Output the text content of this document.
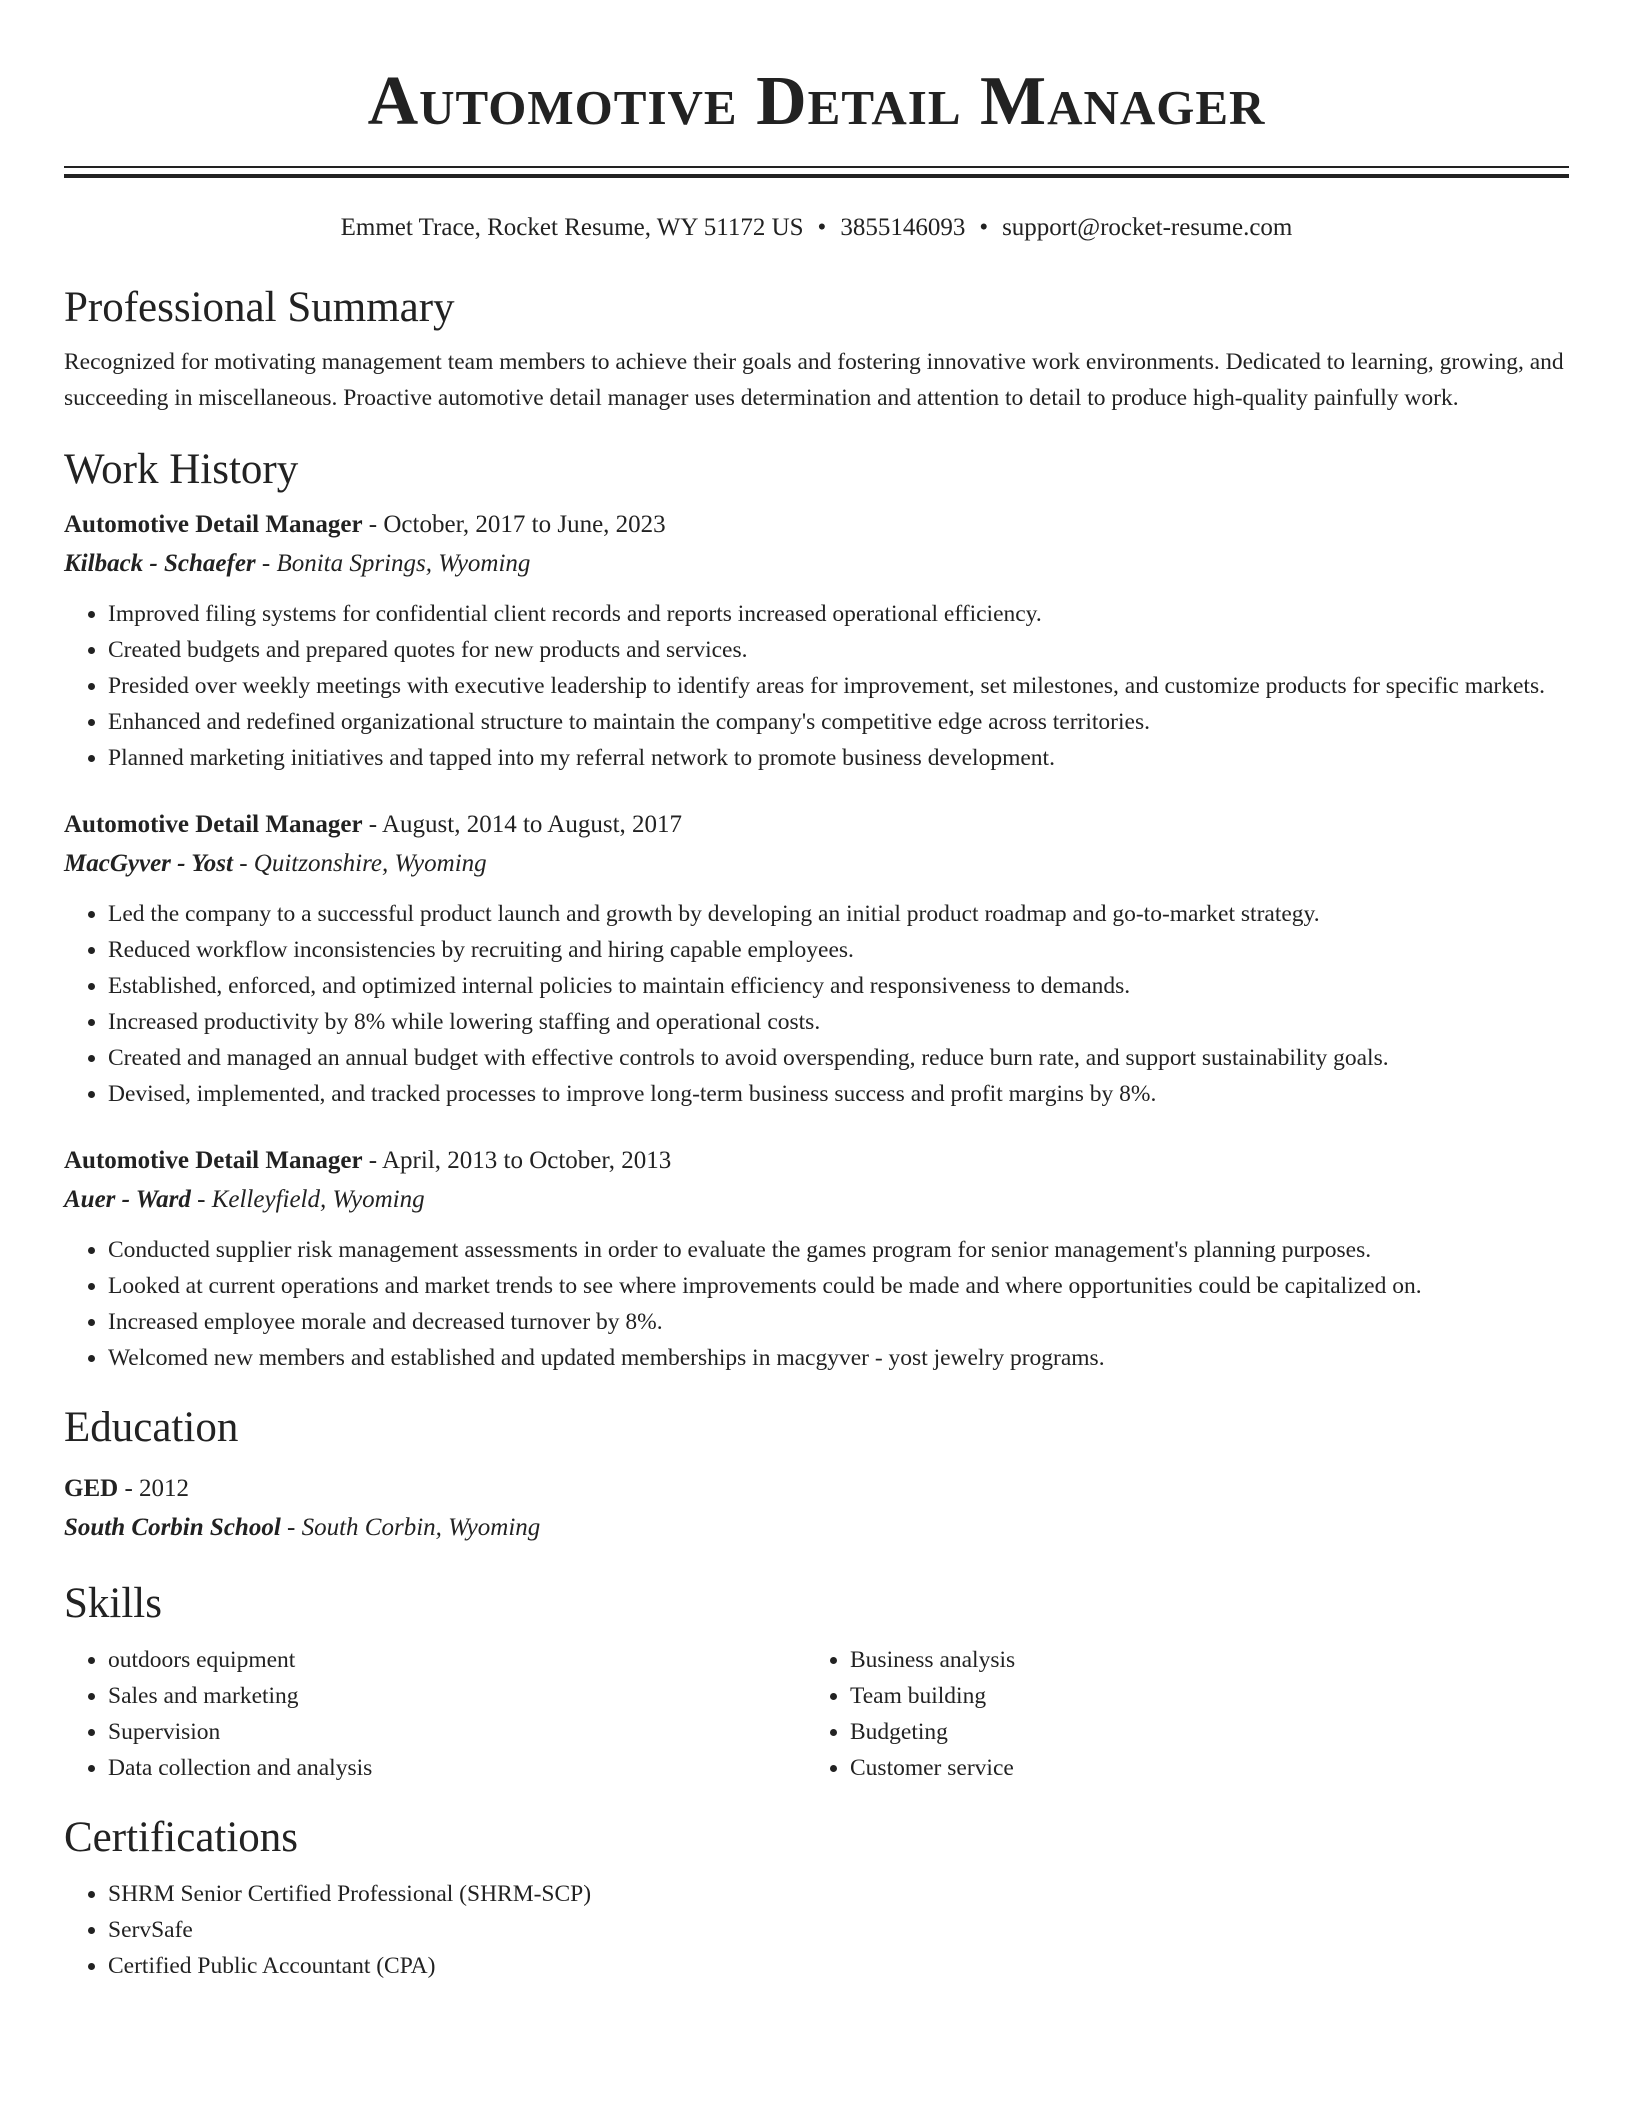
Automotive Detail Manager
Emmet Trace, Rocket Resume, WY 51172 US • 3855146093 • support@rocket-resume.com
Professional Summary
Recognized for motivating management team members to achieve their goals and fostering innovative work environments. Dedicated to learning, growing, and succeeding in miscellaneous. Proactive automotive detail manager uses determination and attention to detail to produce high-quality painfully work.
Work History
Automotive Detail Manager - October, 2017 to June, 2023
Kilback - Schaefer - Bonita Springs, Wyoming
• Improved filing systems for confidential client records and reports increased operational efficiency.
• Created budgets and prepared quotes for new products and services.
• Presided over weekly meetings with executive leadership to identify areas for improvement, set milestones, and customize products for specific markets.
• Enhanced and redefined organizational structure to maintain the company's competitive edge across territories.
• Planned marketing initiatives and tapped into my referral network to promote business development.
Automotive Detail Manager - August, 2014 to August, 2017
MacGyver - Yost - Quitzonshire, Wyoming
• Led the company to a successful product launch and growth by developing an initial product roadmap and go-to-market strategy.
• Reduced workflow inconsistencies by recruiting and hiring capable employees.
• Established, enforced, and optimized internal policies to maintain efficiency and responsiveness to demands.
• Increased productivity by 8% while lowering staffing and operational costs.
• Created and managed an annual budget with effective controls to avoid overspending, reduce burn rate, and support sustainability goals.
• Devised, implemented, and tracked processes to improve long-term business success and profit margins by 8%.
Automotive Detail Manager - April, 2013 to October, 2013
Auer - Ward - Kelleyfield, Wyoming
• Conducted supplier risk management assessments in order to evaluate the games program for senior management's planning purposes.
• Looked at current operations and market trends to see where improvements could be made and where opportunities could be capitalized on.
• Increased employee morale and decreased turnover by 8%.
• Welcomed new members and established and updated memberships in macgyver - yost jewelry programs.
Education
GED - 2012
South Corbin School - South Corbin, Wyoming
Skills
• outdoors equipment
• Sales and marketing
• Supervision
• Data collection and analysis
• Business analysis
• Team building
• Budgeting
• Customer service
Certifications
• SHRM Senior Certified Professional (SHRM-SCP)
• ServSafe
• Certified Public Accountant (CPA)
